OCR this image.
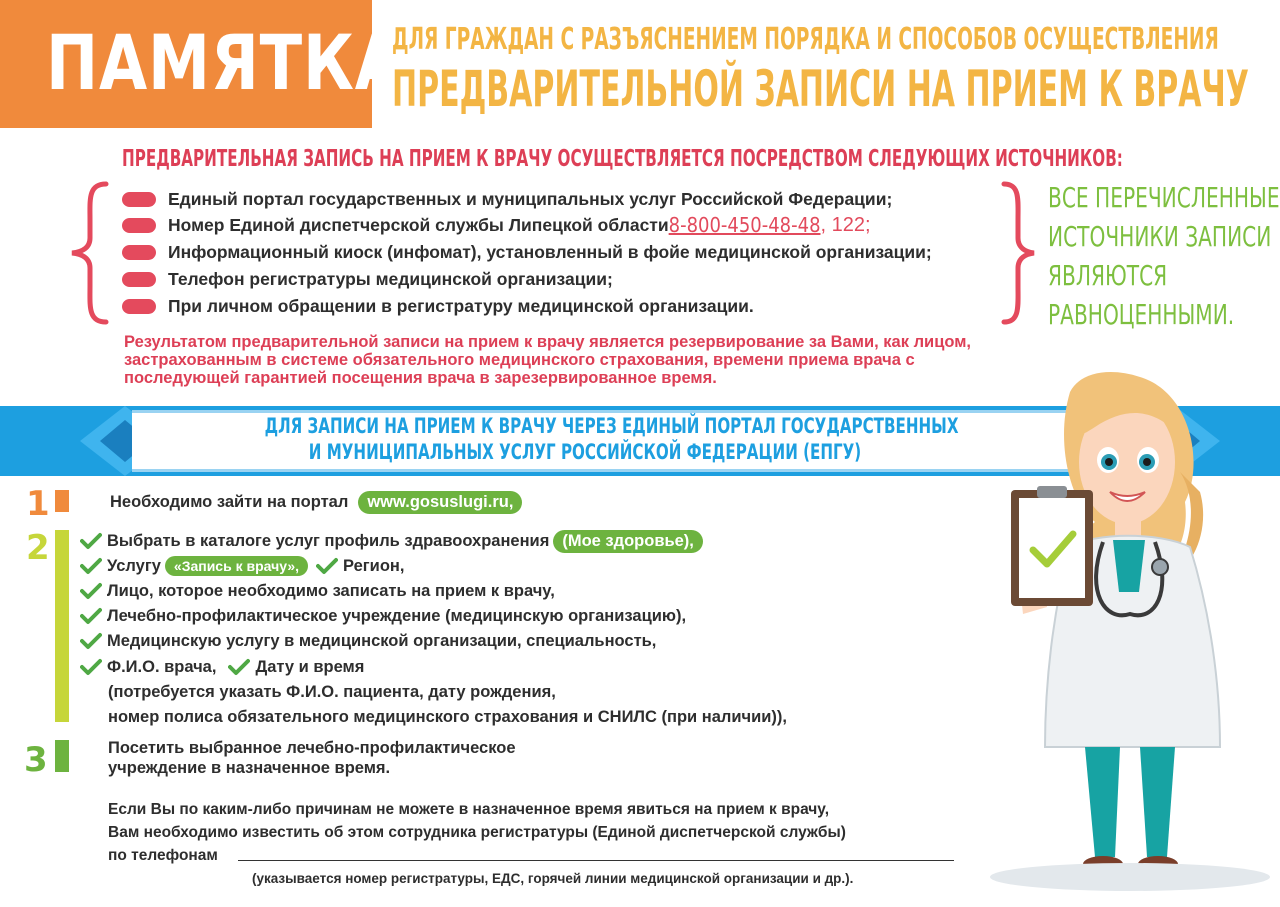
ПАМЯТКА
ДЛЯ ГРАЖДАН С РАЗЪЯСНЕНИЕМ ПОРЯДКА И СПОСОБОВ ОСУЩЕСТВЛЕНИЯ
ПРЕДВАРИТЕЛЬНОЙ ЗАПИСИ НА ПРИЕМ К ВРАЧУ
ПРЕДВАРИТЕЛЬНАЯ ЗАПИСЬ НА ПРИЕМ К ВРАЧУ ОСУЩЕСТВЛЯЕТСЯ ПОСРЕДСТВОМ СЛЕДУЮЩИХ ИСТОЧНИКОВ:
Единый портал государственных и муниципальных услуг Российской Федерации;
Номер Единой диспетчерской службы Липецкой области 8-800-450-48-48 , 122;
Информационный киоск (инфомат), установленный в фойе медицинской организации;
Телефон регистратуры медицинской организации;
При личном обращении в регистратуру медицинской организации.
ВСЕ ПЕРЕЧИСЛЕННЫЕ
ИСТОЧНИКИ ЗАПИСИ
ЯВЛЯЮТСЯ
РАВНОЦЕННЫМИ.
Результатом предварительной записи на прием к врачу является резервирование за Вами, как лицом, застрахованным в системе обязательного медицинского страхования, времени приема врача с последующей гарантией посещения врача в зарезервированное время.
ДЛЯ ЗАПИСИ НА ПРИЕМ К ВРАЧУ ЧЕРЕЗ ЕДИНЫЙ ПОРТАЛ ГОСУДАРСТВЕННЫХ
И МУНИЦИПАЛЬНЫХ УСЛУГ РОССИЙСКОЙ ФЕДЕРАЦИИ (ЕПГУ)
1	Необходимо зайти на портал	www.gosuslugi.ru,
2	Выбрать в каталоге услуг профиль здравоохранения (Мое здоровье),
Услугу «Запись к врачу»,	Регион,
Лицо, которое необходимо записать на прием к врачу,
Лечебно-профилактическое учреждение (медицинскую организацию),
Медицинскую услугу в медицинской организации, специальность,
Ф.И.О. врача, Дату и время
(потребуется указать Ф.И.О. пациента, дату рождения,
номер полиса обязательного медицинского страхования и СНИЛС (при наличии)),
3	Посетить выбранное лечебно-профилактическое
учреждение в назначенное время.
Если Вы по каким-либо причинам не можете в назначенное время явиться на прием к врачу,
Вам необходимо известить об этом сотрудника регистратуры (Единой диспетчерской службы)
по телефонам
(указывается номер регистратуры, ЕДС, горячей линии медицинской организации и др.).
